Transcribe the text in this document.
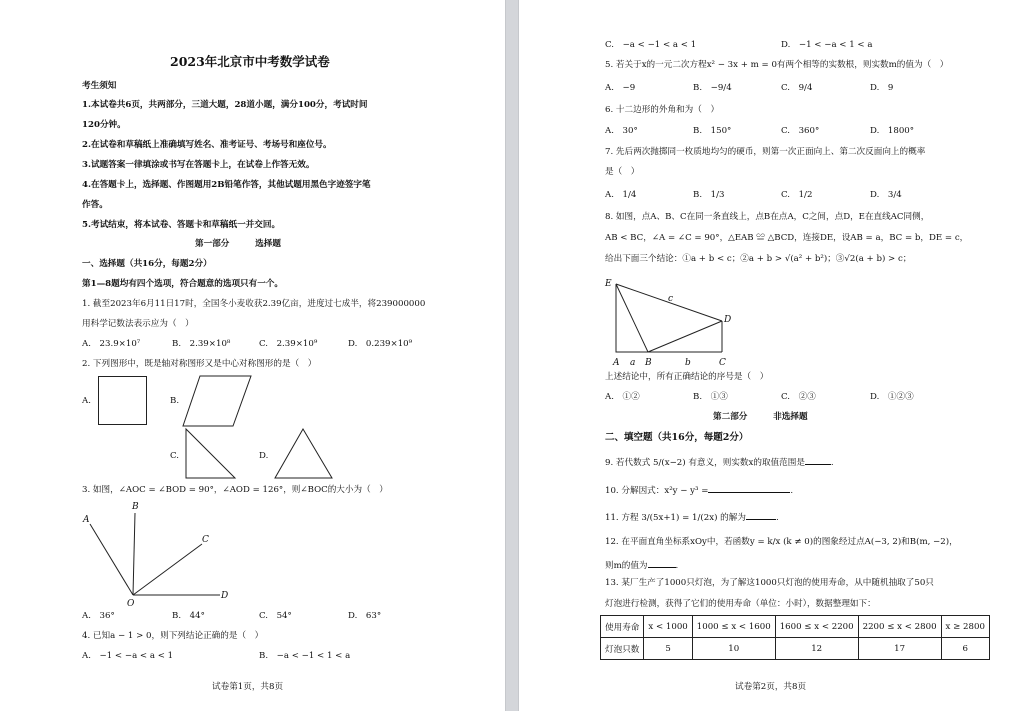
2023年北京市中考数学试卷
考生须知
1.本试卷共6页，共两部分，三道大题，28道小题，满分100分，考试时间
120分钟。
2.在试卷和草稿纸上准确填写姓名、准考证号、考场号和座位号。
3.试题答案一律填涂或书写在答题卡上，在试卷上作答无效。
4.在答题卡上，选择题、作图题用2B铅笔作答，其他试题用黑色字迹签字笔
作答。
5.考试结束，将本试卷、答题卡和草稿纸一并交回。
第一部分　　　选择题
一、选择题（共16分，每题2分）
第1—8题均有四个选项，符合题意的选项只有一个。
1. 截至2023年6月11日17时，全国冬小麦收获2.39亿亩，进度过七成半，将239000000
用科学记数法表示应为（　）
A.　23.9×10⁷	B.　2.39×10⁸	C.　2.39×10⁹	D.　0.239×10⁹
2. 下列图形中，既是轴对称图形又是中心对称图形的是（　）
A.	B.
C.	D.
3. 如图，∠AOC = ∠BOD = 90°，∠AOD = 126°，则∠BOC的大小为（　）
A
B
C
O
D
A.　36°	B.　44°	C.　54°	D.　63°
4. 已知a − 1 > 0，则下列结论正确的是（　）
A.　−1 < −a < a < 1	B.　−a < −1 < 1 < a
试卷第1页，共8页
C.　−a < −1 < a < 1	D.　−1 < −a < 1 < a
5. 若关于x的一元二次方程x² − 3x + m = 0有两个相等的实数根，则实数m的值为（　）
A.　−9	B.　−9/4	C.　9/4	D.　9
6. 十二边形的外角和为（　）
A.　30°	B.　150°	C.　360°	D.　1800°
7. 先后两次抛掷同一枚质地均匀的硬币，则第一次正面向上、第二次反面向上的概率
是（　）
A.　1/4	B.　1/3	C.　1/2	D.　3/4
8. 如图，点A、B、C在同一条直线上，点B在点A，C之间，点D，E在直线AC同侧，
AB < BC，∠A = ∠C = 90°，△EAB ≌ △BCD，连接DE，设AB = a，BC = b，DE = c，
给出下面三个结论：①a + b < c；②a + b > √(a² + b²)；③√2(a + b) > c；
E
c
D
A a B	b	C
上述结论中，所有正确结论的序号是（　）
A.　①②	B.　①③	C.　②③	D.　①②③
第二部分　　　非选择题
二、填空题（共16分，每题2分）
9. 若代数式 5/(x−2) 有意义，则实数x的取值范围是	.
10. 分解因式：x²y − y³ =	.
11. 方程 3/(5x+1) = 1/(2x) 的解为	.
12. 在平面直角坐标系xOy中，若函数y = k/x (k ≠ 0)的图象经过点A(−3, 2)和B(m, −2)，
则m的值为	.
13. 某厂生产了1000只灯泡，为了解这1000只灯泡的使用寿命，从中随机抽取了50只
灯泡进行检测，获得了它们的使用寿命（单位：小时），数据整理如下：
使用寿命	x < 1000	1000 ≤ x < 1600	1600 ≤ x < 2200	2200 ≤ x < 2800	x ≥ 2800
灯泡只数	5	10	12	17	6
试卷第2页，共8页
